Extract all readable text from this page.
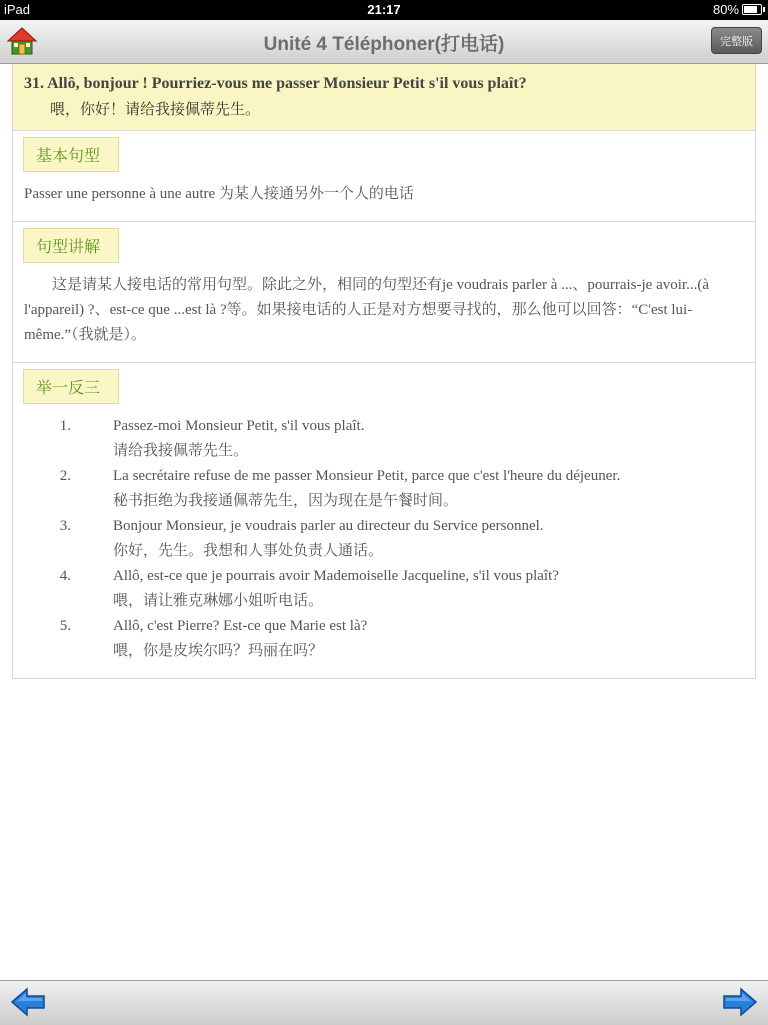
iPad	21:17	80%
Unité 4 Téléphoner(打电话)	完整版
31. Allô, bonjour ! Pourriez-vous me passer Monsieur Petit s'il vous plaît?
喂，你好！请给我接佩蒂先生。
基本句型
Passer une personne à une autre 为某人接通另外一个人的电话
句型讲解
这是请某人接电话的常用句型。除此之外，相同的句型还有je voudrais parler à ...、pourrais-je avoir...(à l'appareil) ?、est-ce que ...est là ?等。如果接电话的人正是对方想要寻找的，那么他可以回答：“C'est lui-même.”（我就是）。
举一反三
1.	Passez-moi Monsieur Petit, s'il vous plaît.
请给我接佩蒂先生。
2.	La secrétaire refuse de me passer Monsieur Petit, parce que c'est l'heure du déjeuner.
秘书拒绝为我接通佩蒂先生，因为现在是午餐时间。
3.	Bonjour Monsieur, je voudrais parler au directeur du Service personnel.
你好，先生。我想和人事处负责人通话。
4.	Allô, est-ce que je pourrais avoir Mademoiselle Jacqueline, s'il vous plaît?
喂，请让雅克琳娜小姐听电话。
5.	Allô, c'est Pierre? Est-ce que Marie est là?
喂，你是皮埃尔吗？玛丽在吗？
